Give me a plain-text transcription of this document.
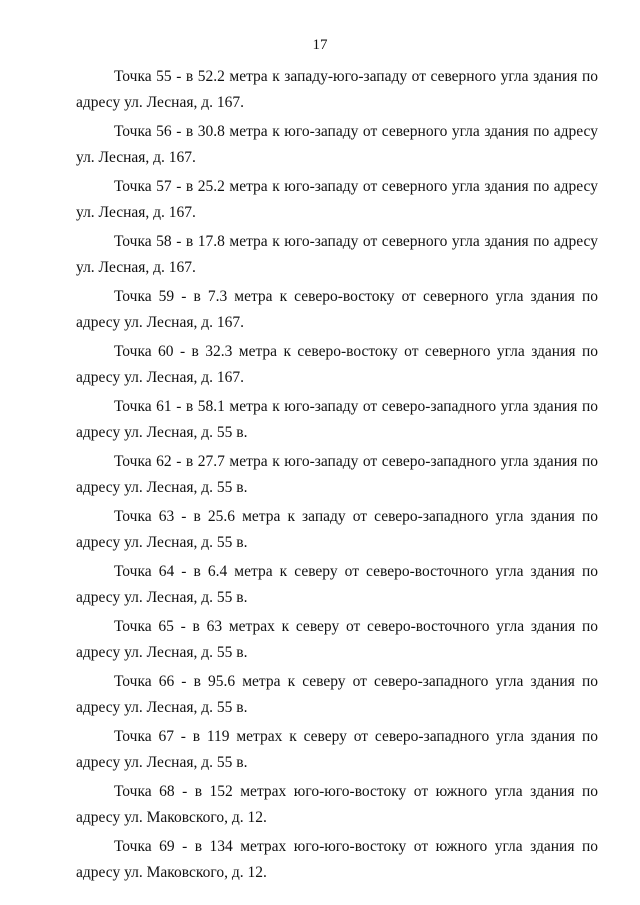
17

Точка 55 - в 52.2 метра к западу-юго-западу от северного угла здания по адресу ул. Лесная, д. 167.

Точка 56 - в 30.8 метра к юго-западу от северного угла здания по адресу ул. Лесная, д. 167.

Точка 57 - в 25.2 метра к юго-западу от северного угла здания по адресу ул. Лесная, д. 167.

Точка 58 - в 17.8 метра к юго-западу от северного угла здания по адресу ул. Лесная, д. 167.

Точка 59 - в 7.3 метра к северо-востоку от северного угла здания по адресу ул. Лесная, д. 167.

Точка 60 - в 32.3 метра к северо-востоку от северного угла здания по адресу ул. Лесная, д. 167.

Точка 61 - в 58.1 метра к юго-западу от северо-западного угла здания по адресу ул. Лесная, д. 55 в.

Точка 62 - в 27.7 метра к юго-западу от северо-западного угла здания по адресу ул. Лесная, д. 55 в.

Точка 63 - в 25.6 метра к западу от северо-западного угла здания по адресу ул. Лесная, д. 55 в.

Точка 64 - в 6.4 метра к северу от северо-восточного угла здания по адресу ул. Лесная, д. 55 в.

Точка 65 - в 63 метрах к северу от северо-восточного угла здания по адресу ул. Лесная, д. 55 в.

Точка 66 - в 95.6 метра к северу от северо-западного угла здания по адресу ул. Лесная, д. 55 в.

Точка 67 - в 119 метрах к северу от северо-западного угла здания по адресу ул. Лесная, д. 55 в.

Точка 68 - в 152 метрах юго-юго-востоку от южного угла здания по адресу ул. Маковского, д. 12.

Точка 69 - в 134 метрах юго-юго-востоку от южного угла здания по адресу ул. Маковского, д. 12.
